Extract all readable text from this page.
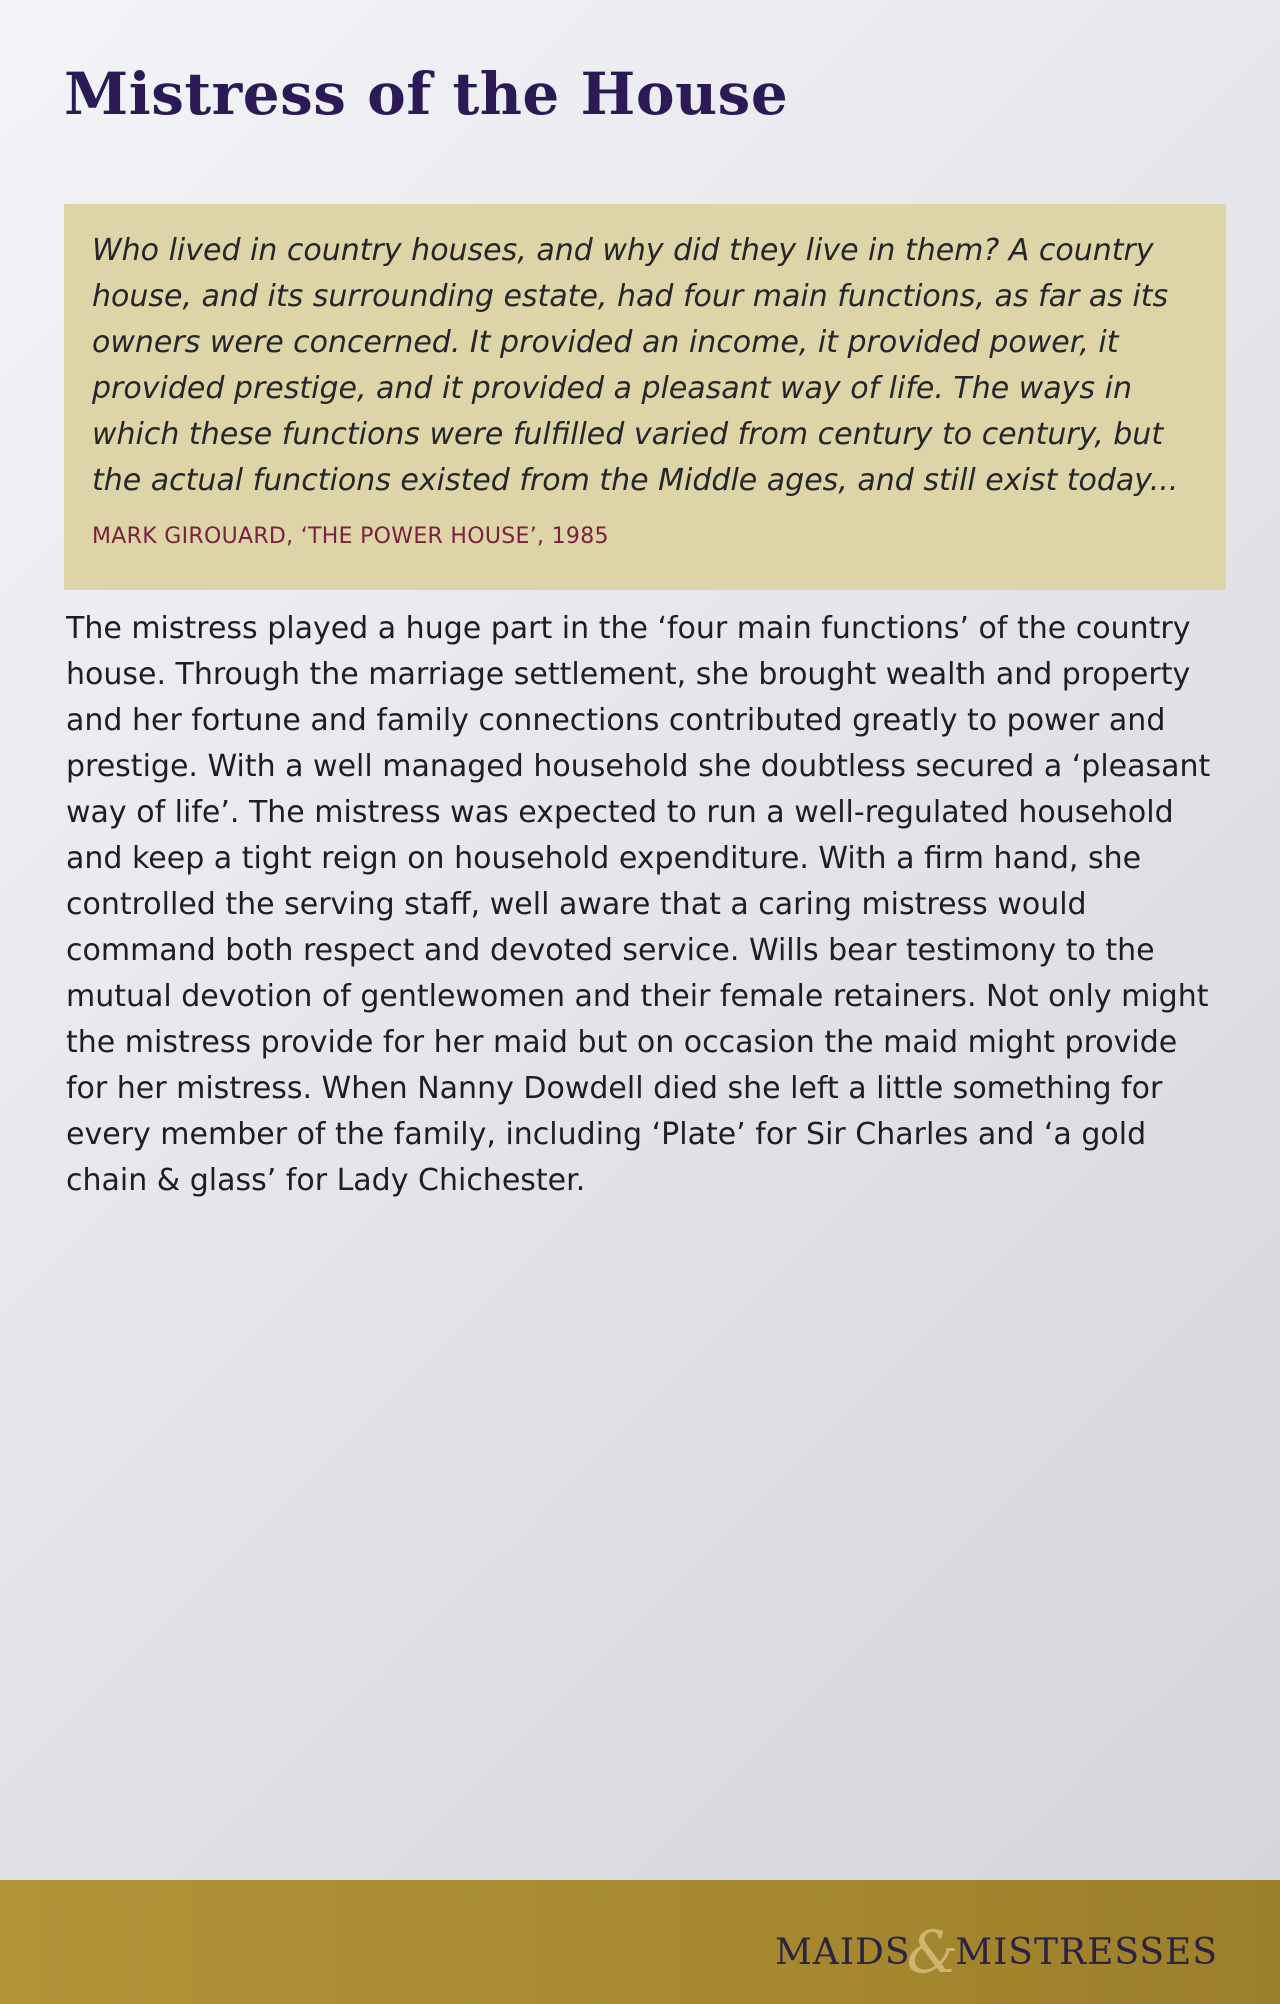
Mistress of the House

Who lived in country houses, and why did they live in them? A country house, and its surrounding estate, had four main functions, as far as its owners were concerned. It provided an income, it provided power, it provided prestige, and it provided a pleasant way of life. The ways in which these functions were fulfilled varied from century to century, but the actual functions existed from the Middle ages, and still exist today...

MARK GIROUARD, ‘THE POWER HOUSE’, 1985

The mistress played a huge part in the ‘four main functions’ of the country house. Through the marriage settlement, she brought wealth and property and her fortune and family connections contributed greatly to power and prestige. With a well managed household she doubtless secured a ‘pleasant way of life’. The mistress was expected to run a well-regulated household and keep a tight reign on household expenditure. With a firm hand, she controlled the serving staff, well aware that a caring mistress would command both respect and devoted service. Wills bear testimony to the mutual devotion of gentlewomen and their female retainers. Not only might the mistress provide for her maid but on occasion the maid might provide for her mistress. When Nanny Dowdell died she left a little something for every member of the family, including ‘Plate’ for Sir Charles and ‘a gold chain & glass’ for Lady Chichester.

MAIDS&MISTRESSES
